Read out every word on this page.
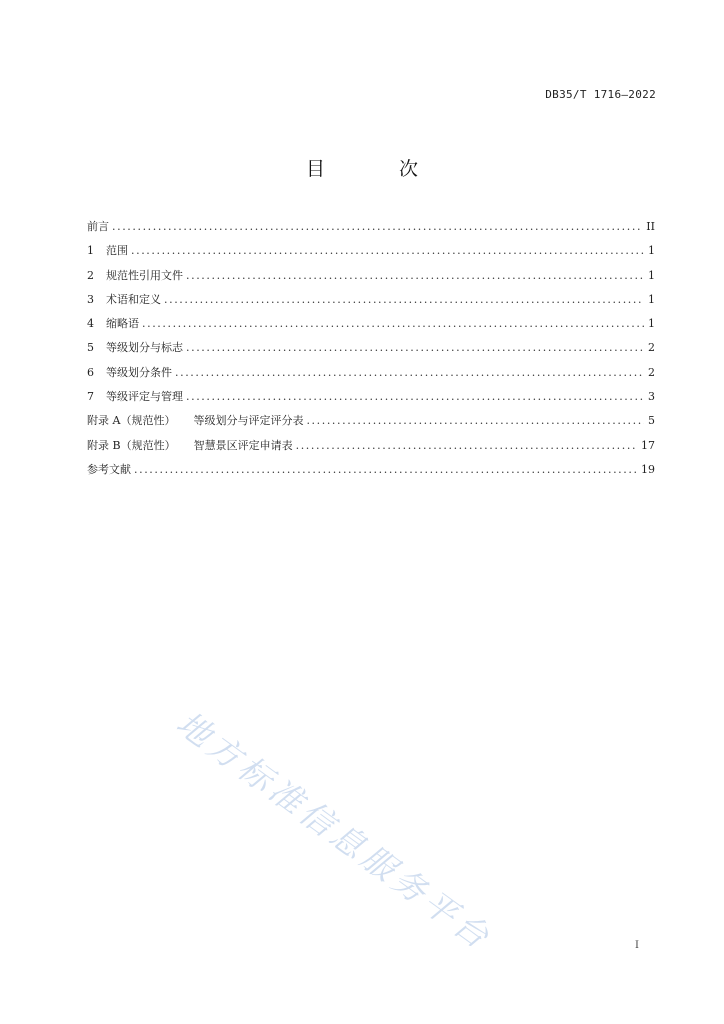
DB35/T 1716—2022
目 次
前言 .....	II
1	范围 .....	1
2	规范性引用文件 .....	1
3	术语和定义 .....	1
4	缩略语 .....	1
5	等级划分与标志 .....	2
6	等级划分条件 .....	2
7	等级评定与管理 .....	3
附录 A（规范性） 等级划分与评定评分表 .....	5
附录 B（规范性） 智慧景区评定申请表 .....	17
参考文献 .....	19
地方标准信息服务平台	I
